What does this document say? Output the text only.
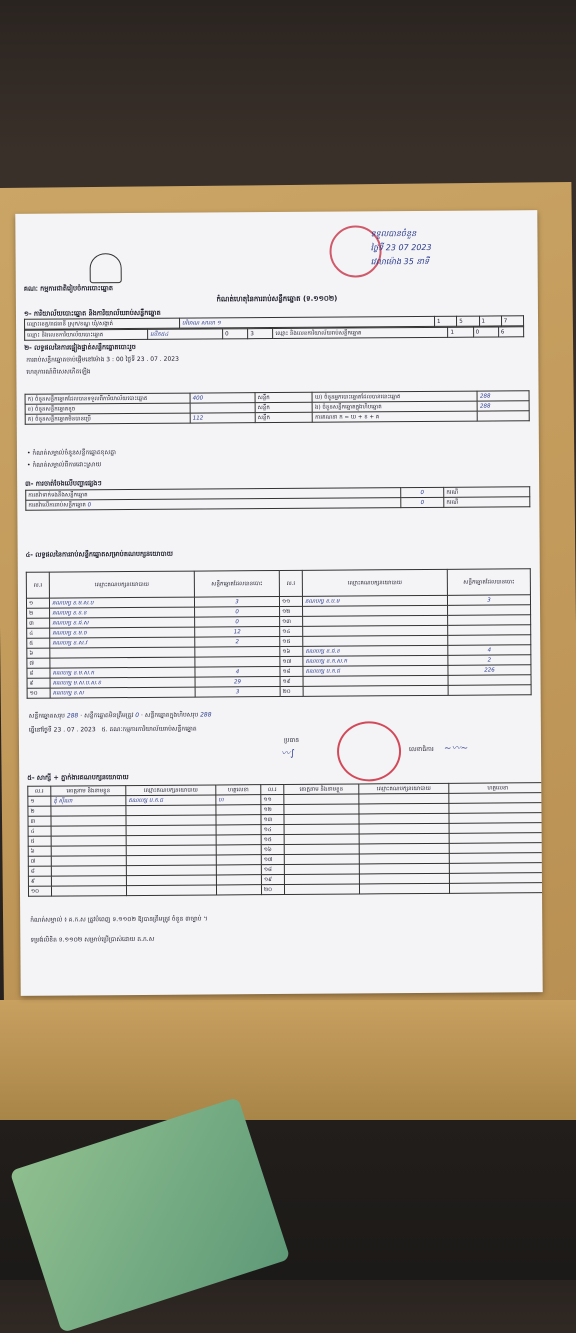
ទទួលបានចំនួន
ថ្ងៃទី 23 07 2023
វេលាម៉ោង 35 នាទី
គណៈ កម្មការជាតិរៀបចំការបោះឆ្នោត
កំណត់ហេតុនៃការរាប់សន្លឹកឆ្នោត (ទ.១១០២)
១- ការិយាល័យបោះឆ្នោត និងការិយាល័យរាប់សន្លឹកឆ្នោត
ឈ្មោះខេត្ត/រាជធានី ស្រុក/ខណ្ឌ ឃុំ/សង្កាត់	បរិមាណ សាលា ១	1	5	1	7
ឈ្មោះ និងលេខការិយាល័យបោះឆ្នោត	លើក៥៤	0	3	ឈ្មោះ និងលេខការិយាល័យរាប់សន្លឹកឆ្នោត	1	0	6
២- លទ្ធផលនៃការផ្ទៀងផ្ទាត់សន្លឹកឆ្នោតបោះរួច
ការរាប់សន្លឹកឆ្នោតចាប់ផ្តើមនៅម៉ោង 3 : 00 ថ្ងៃទី 23 . 07 . 2023
ហេតុការណ៍ពិសេសកើតឡើង
ក) ចំនួនសន្លឹកឆ្នោតដែលបានទទួលពីការិយាល័យបោះឆ្នោត	400	សន្លឹក	ឃ) ចំនួនអ្នកបោះឆ្នោតដែលបានបោះឆ្នោត	288
ខ) ចំនួនសន្លឹកឆ្នោតខូច		សន្លឹក	ង) ចំនួនសន្លឹកឆ្នោតក្នុងហិបឆ្នោត	288
គ) ចំនួនសន្លឹកឆ្នោតមិនបានប្រើ	112	សន្លឹក	ការគណនា ក = ឃ + ខ + គ	
• កំណត់សម្គាល់ចំនួនសន្លឹកឆ្នោតខុសគ្នា
• កំណត់សម្គាល់ពីការដោះស្រាយ
៣- ការចាត់ចែងលើបញ្ហាផ្សេងៗ
ការតវ៉ាទាក់ទងនឹងសន្លឹកឆ្នោត	0	ករណី
ការតវ៉ាលើការរាប់សន្លឹកឆ្នោត 0	0	ករណី
៤- លទ្ធផលនៃការរាប់សន្លឹកឆ្នោតសម្រាប់គណបក្សនយោបាយ
ល.រ	ឈ្មោះគណបក្សនយោបាយ	សន្លឹកឆ្នោតដែលបានបោះ	ល.រ	ឈ្មោះគណបក្សនយោបាយ	សន្លឹកឆ្នោតដែលបានបោះ
១	គណបក្ស ខ.ម.ស.ប	3	១១	គណបក្ស ខ.ប.ម	3
២	គណបក្ស ខ.ខ.ខ	0	១២		
៣	គណបក្ស ខ.ជ.ស	0	១៣		
៤	គណបក្ស ខ.ម.ច	12	១៤		
៥	គណបក្ស ខ.ស.វ	2	១៥		
៦			១៦	គណបក្ស ខ.ជ.ខ	4
៧			១៧	គណបក្ស ខ.ក.ស.ក	2
៨	គណបក្ស ខ.ម.ស.ក	4	១៨	គណបក្ស ប.ក.ជ	226
៩	គណបក្ស ម.ស.ប.ស.ខ	29	១៩		
១០	គណបក្ស ខ.ស	3	២០		
សន្លឹកឆ្នោតសរុប 288 · សន្លឹកឆ្នោតមិនត្រឹមត្រូវ 0 · សន្លឹកឆ្នោតក្នុងហិបសរុប 288
ធ្វើនៅថ្ងៃទី 23 . 07 . 2023 ៥. គណៈកម្មការការិយាល័យរាប់សន្លឹកឆ្នោត
ប្រធាន
លេខាធិការ
〰∫
~〰~
៥- សាក្សី + ភ្នាក់ងារគណបក្សនយោបាយ
ល.រ	គោត្តនាម និងនាមខ្លួន	ឈ្មោះគណបក្សនយោបាយ	ហត្ថលេខា	ល.រ	គោត្តនាម និងនាមខ្លួន	ឈ្មោះគណបក្សនយោបាយ	ហត្ថលេខា
១	ឌុំ ស៊ីណា	គណបក្ស ប.ក.ជ	ហ	១១			
២				១២			
៣				១៣			
៤				១៤			
៥				១៥			
៦				១៦			
៧				១៧			
៨				១៨			
៩				១៩			
១០				២០			
កំណត់សម្គាល់ ៖ គ.ក.ស ត្រូវបំពេញ ទ.១១០២ ឱ្យបានត្រឹមត្រូវ ចំនួន ៣ច្បាប់ ។
ទម្រង់លិខិត ទ.១១០២ សម្រាប់ប្រើប្រាស់ដោយ គ.ក.ស
